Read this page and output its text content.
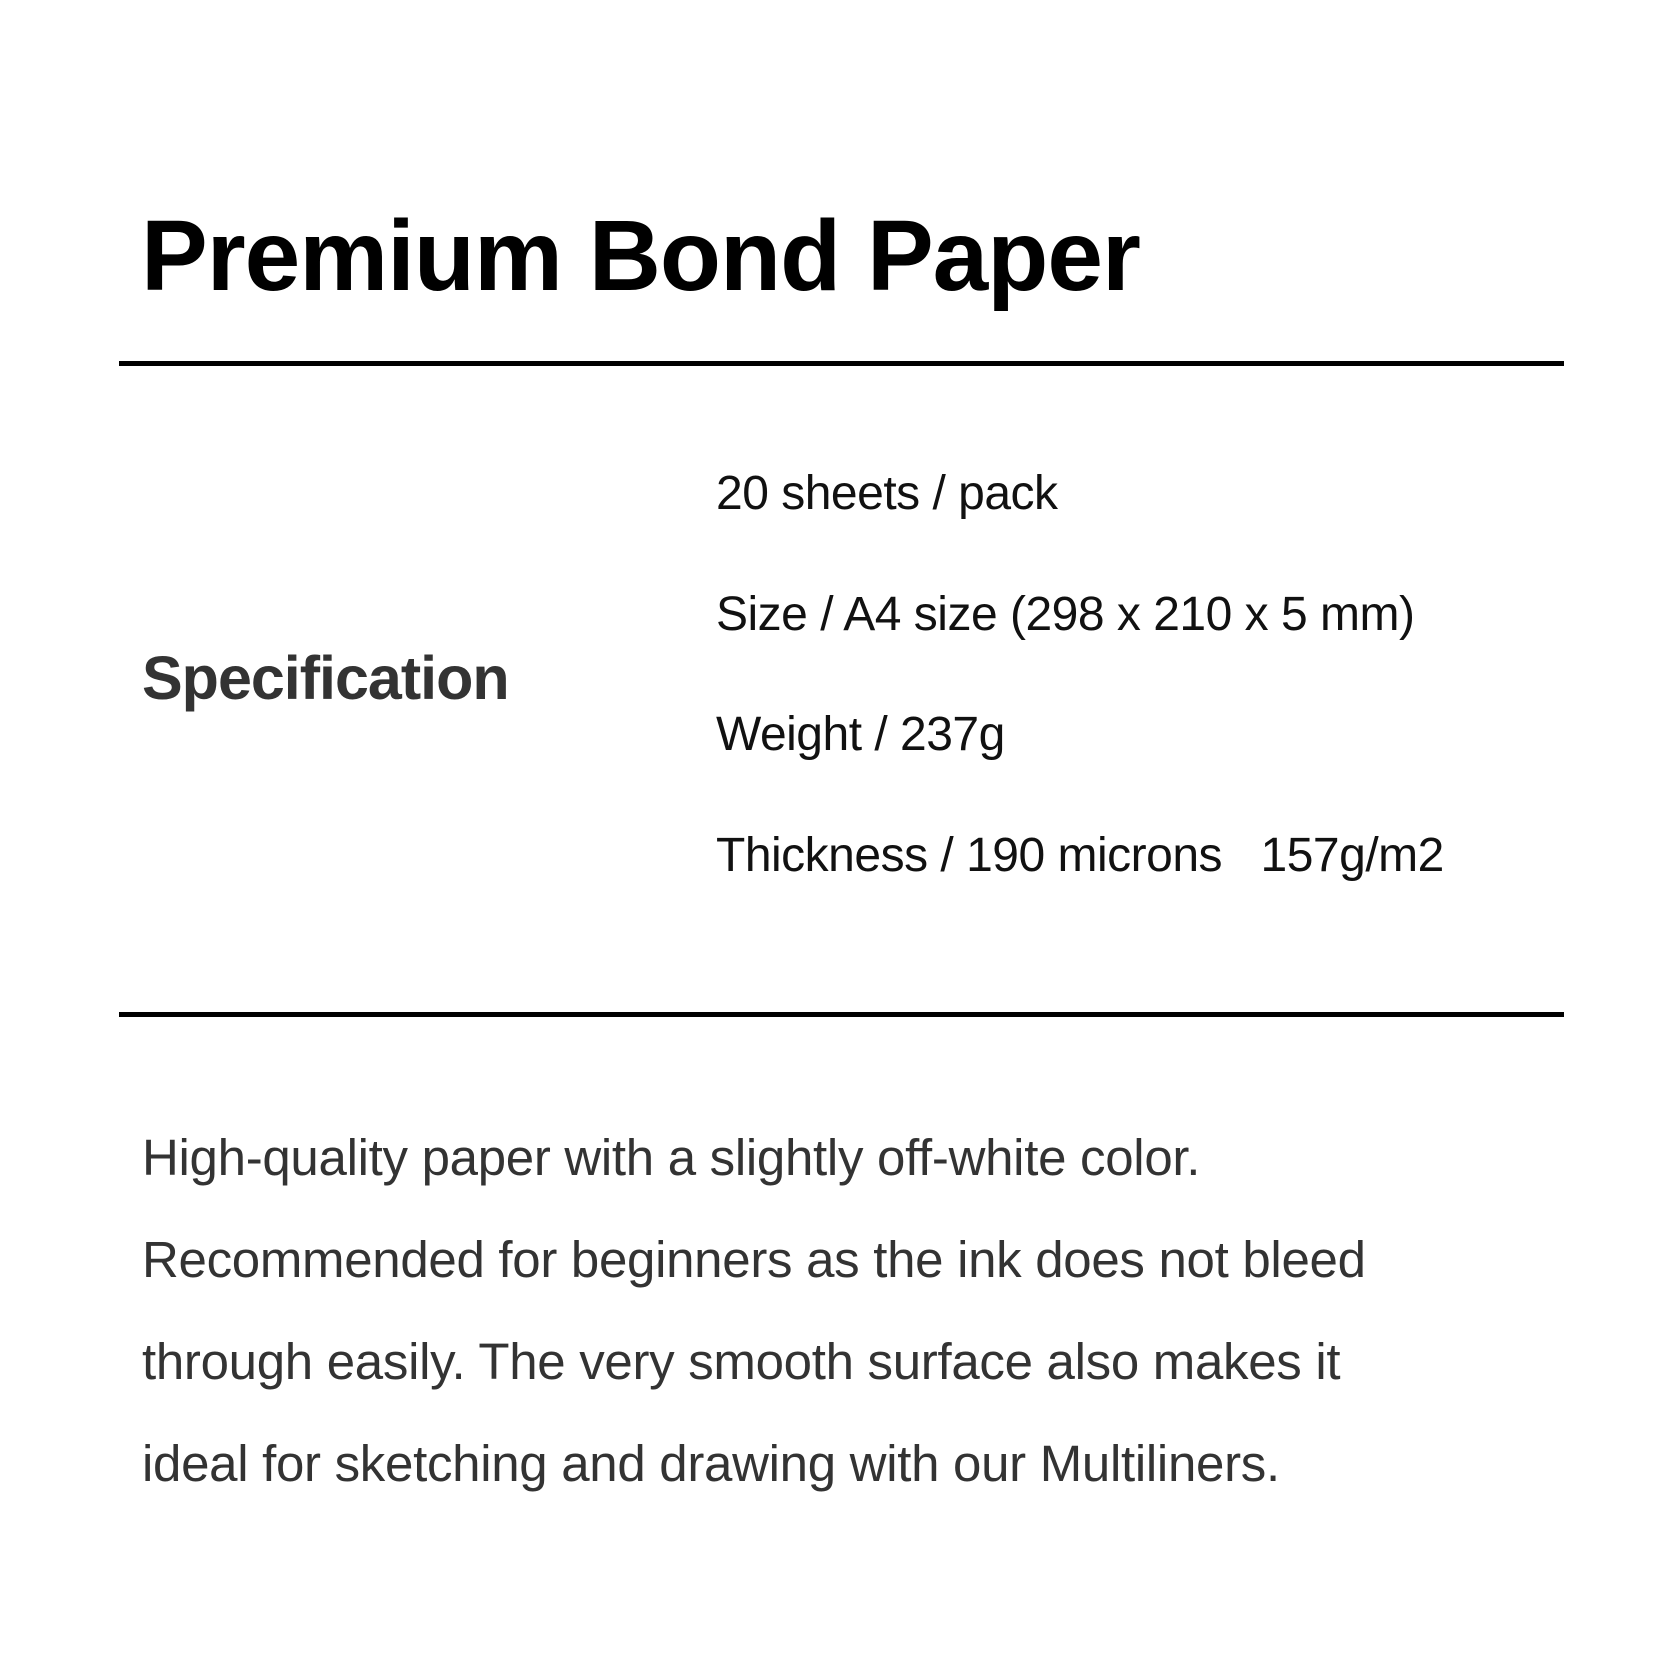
Premium Bond Paper
Specification
20 sheets / pack
Size / A4 size (298 x 210 x 5 mm)
Weight / 237g
Thickness / 190 microns   157g/m2
High-quality paper with a slightly off-white color.
Recommended for beginners as the ink does not bleed
through easily. The very smooth surface also makes it
ideal for sketching and drawing with our Multiliners.
